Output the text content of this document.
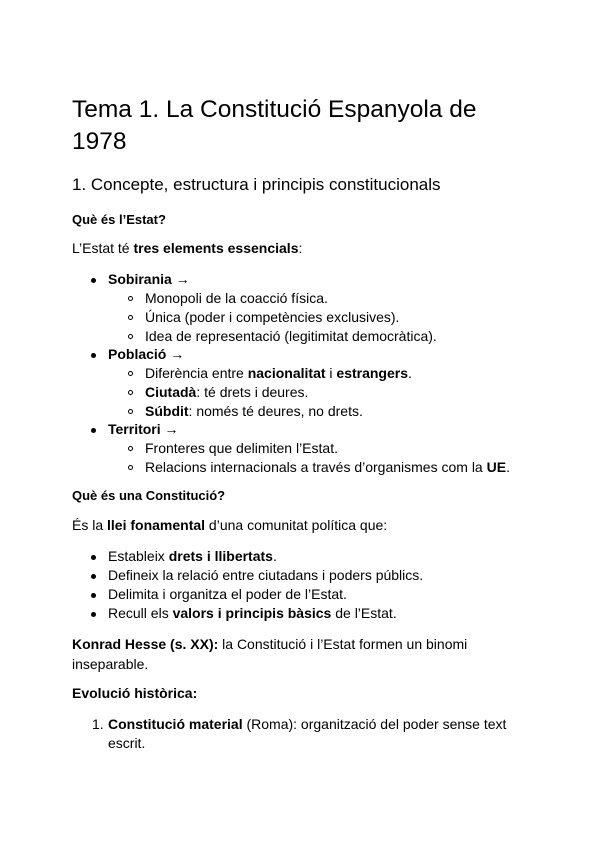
Tema 1. La Constitució Espanyola de 1978
1. Concepte, estructura i principis constitucionals
Què és l’Estat?

L’Estat té tres elements essencials:

Sobirania →
Monopoli de la coacció física.
Única (poder i competències exclusives).
Idea de representació (legitimitat democràtica).
Població →
Diferència entre nacionalitat i estrangers.
Ciutadà: té drets i deures.
Súbdit: només té deures, no drets.
Territori →
Fronteres que delimiten l’Estat.
Relacions internacionals a través d’organismes com la UE.
Què és una Constitució?

És la llei fonamental d’una comunitat política que:

Estableix drets i llibertats.
Defineix la relació entre ciutadans i poders públics.
Delimita i organitza el poder de l’Estat.
Recull els valors i principis bàsics de l’Estat.

Konrad Hesse (s. XX): la Constitució i l’Estat formen un binomi inseparable.

Evolució històrica:
1. Constitució material (Roma): organització del poder sense text escrit.
